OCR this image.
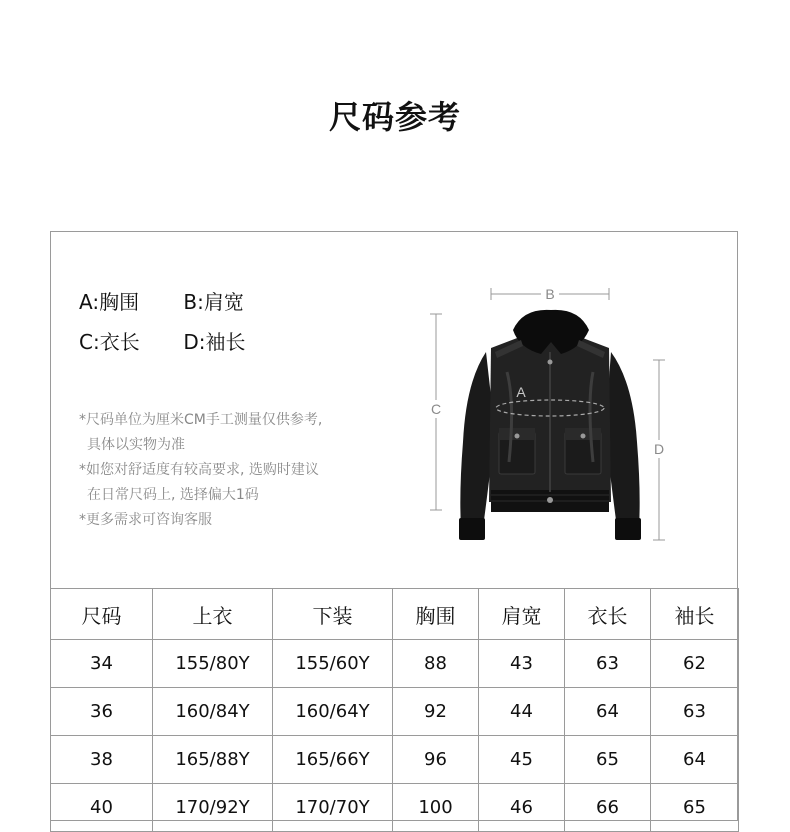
尺码参考
A:胸围 B:肩宽
C:衣长 D:袖长
*尺码单位为厘米CM手工测量仅供参考,
具体以实物为准
*如您对舒适度有较高要求, 选购时建议
在日常尺码上, 选择偏大1码
*更多需求可咨询客服
B
C
D
A
尺码	上衣	下装	胸围	肩宽	衣长	袖长
34	155/80Y	155/60Y	88	43	63	62
36	160/84Y	160/64Y	92	44	64	63
38	165/88Y	165/66Y	96	45	65	64
40	170/92Y	170/70Y	100	46	66	65
